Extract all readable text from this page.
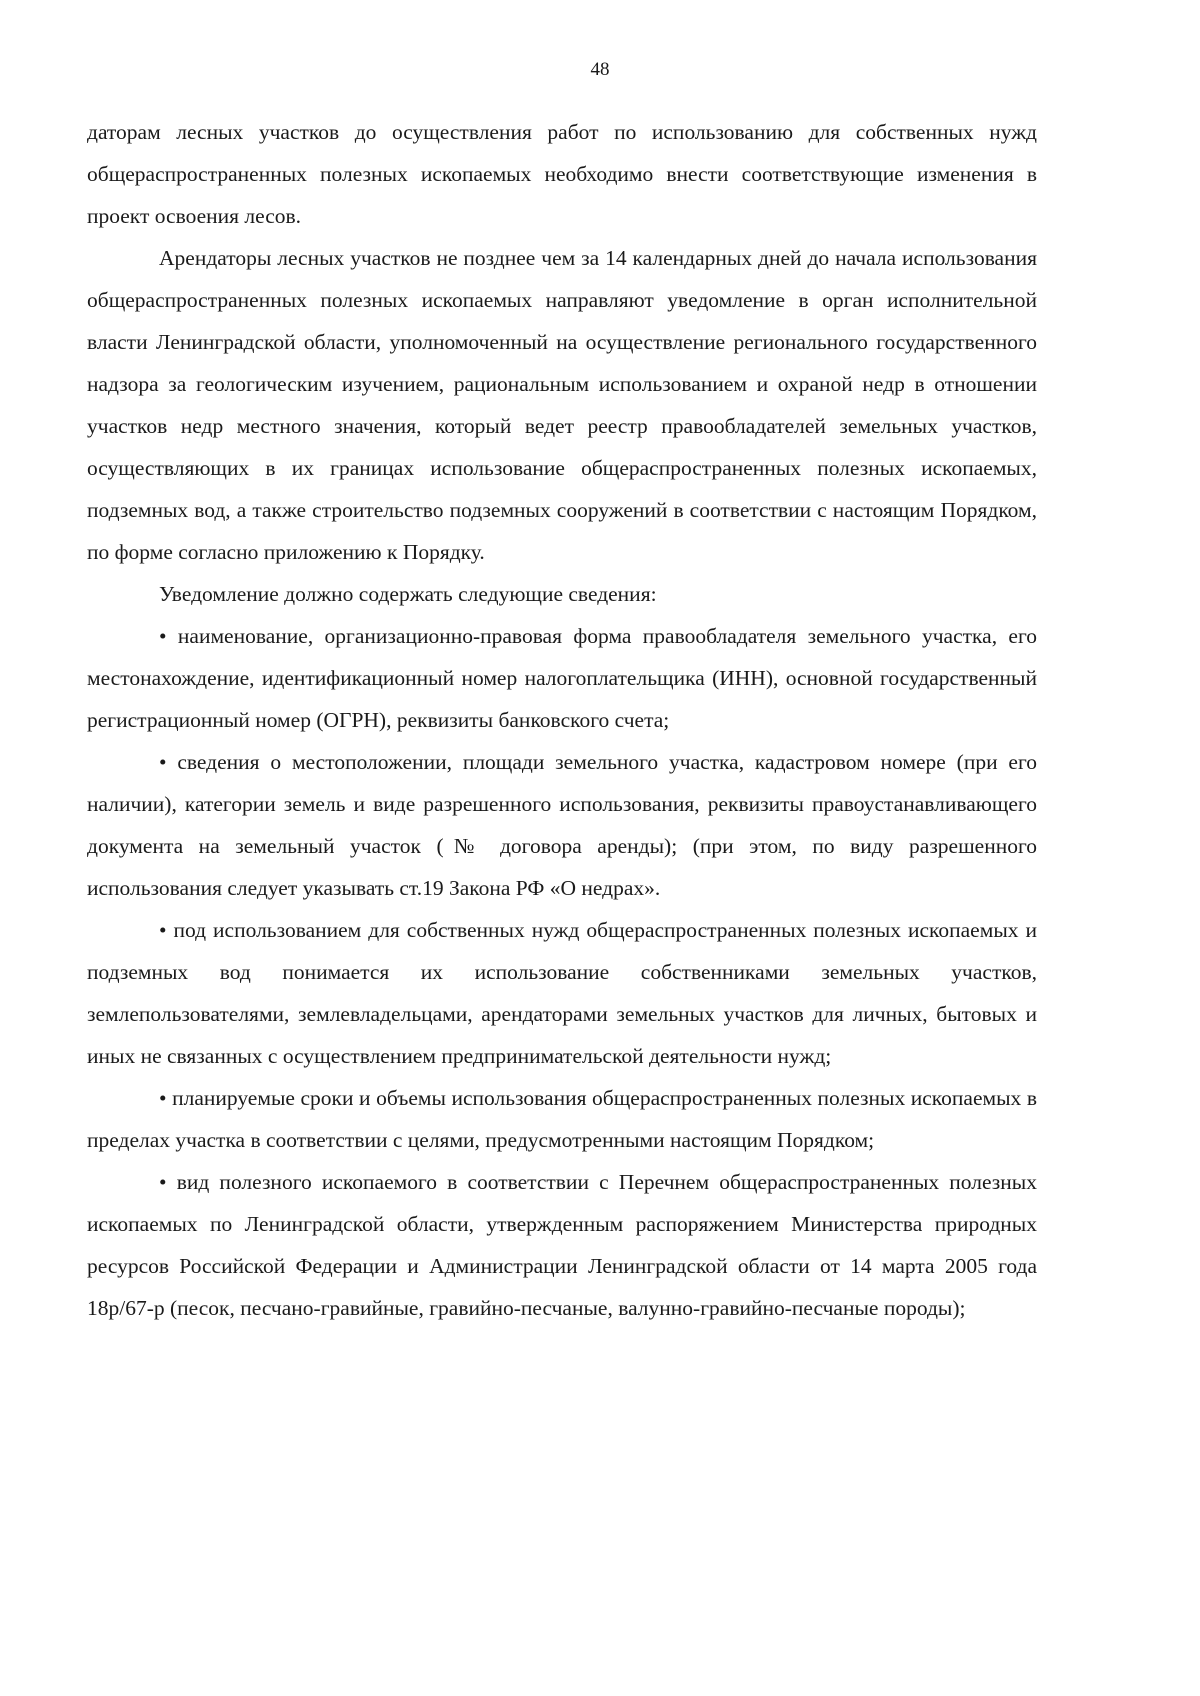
48

даторам лесных участков до осуществления работ по использованию для собственных нужд общераспространенных полезных ископаемых необходимо внести соответствующие изменения в проект освоения лесов.

Арендаторы лесных участков не позднее чем за 14 календарных дней до начала использования общераспространенных полезных ископаемых направляют уведомление в орган исполнительной власти Ленинградской области, уполномоченный на осуществление регионального государственного надзора за геологическим изучением, рациональным использованием и охраной недр в отношении участков недр местного значения, который ведет реестр правообладателей земельных участков, осуществляющих в их границах использование общераспространенных полезных ископаемых, подземных вод, а также строительство подземных сооружений в соответствии с настоящим Порядком, по форме согласно приложению к Порядку.

Уведомление должно содержать следующие сведения:

• наименование, организационно-правовая форма правообладателя земельного участка, его местонахождение, идентификационный номер налогоплательщика (ИНН), основной государственный регистрационный номер (ОГРН), реквизиты банковского счета;

• сведения о местоположении, площади земельного участка, кадастровом номере (при его наличии), категории земель и виде разрешенного использования, реквизиты правоустанавливающего документа на земельный участок (№ договора аренды); (при этом, по виду разрешенного использования следует указывать ст.19 Закона РФ «О недрах».

• под использованием для собственных нужд общераспространенных полезных ископаемых и подземных вод понимается их использование собственниками земельных участков, землепользователями, землевладельцами, арендаторами земельных участков для личных, бытовых и иных не связанных с осуществлением предпринимательской деятельности нужд;

• планируемые сроки и объемы использования общераспространенных полезных ископаемых в пределах участка в соответствии с целями, предусмотренными настоящим Порядком;

• вид полезного ископаемого в соответствии с Перечнем общераспространенных полезных ископаемых по Ленинградской области, утвержденным распоряжением Министерства природных ресурсов Российской Федерации и Администрации Ленинградской области от 14 марта 2005 года 18р/67-р (песок, песчано-гравийные, гравийно-песчаные, валунно-гравийно-песчаные породы);
